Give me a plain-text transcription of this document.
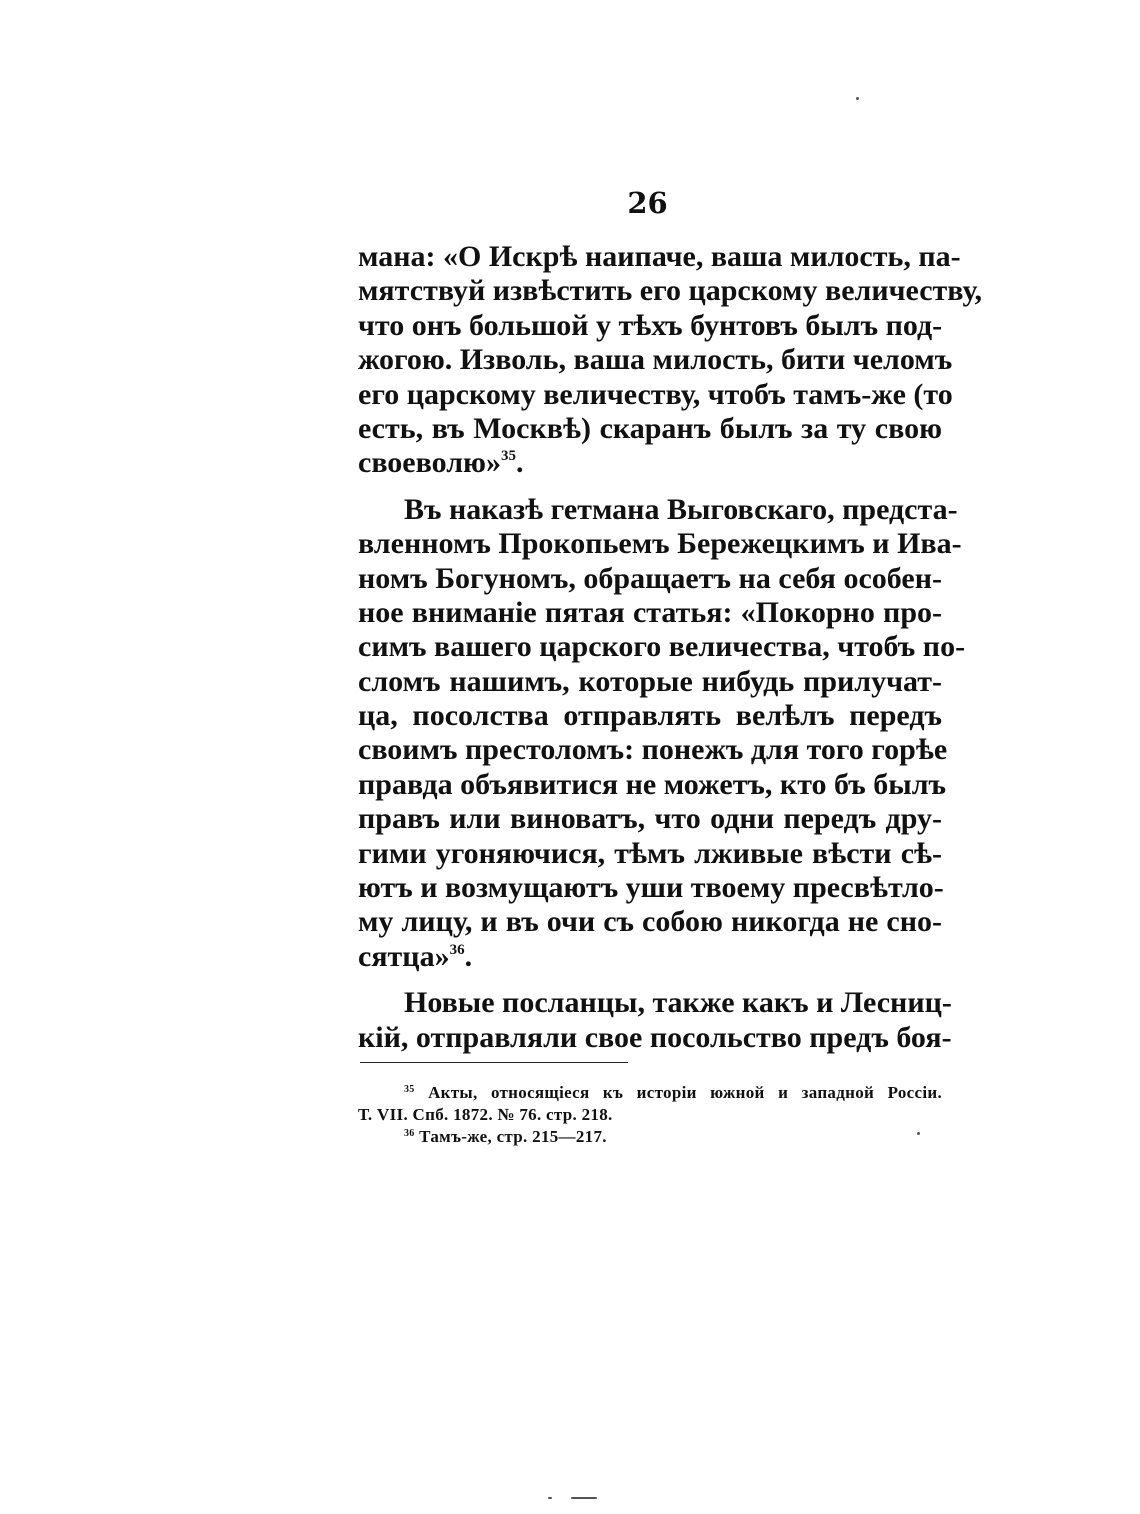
26
мана: «О Искрѣ наипаче, ваша милость, па-
мятствуй извѣстить его царскому величеству,
что онъ большой у тѣхъ бунтовъ былъ под-
жогою. Изволь, ваша милость, бити челомъ
его царскому величеству, чтобъ тамъ-же (то
есть, въ Москвѣ) скаранъ былъ за ту свою
своеволю»$^{35}$.
Въ наказѣ гетмана Выговскаго, предста-
вленномъ Прокопьемъ Бережецкимъ и Ива-
номъ Богуномъ, обращаетъ на себя особен-
ное вниманіе пятая статья: «Покорно про-
симъ вашего царского величества, чтобъ по-
сломъ нашимъ, которые нибудь прилучат-
ца, посолства отправлять велѣлъ передъ
своимъ престоломъ: понежъ для того горѣе
правда объявитися не можетъ, кто бъ былъ
правъ или виноватъ, что одни передъ дру-
гими угоняючися, тѣмъ лживые вѣсти сѣ-
ютъ и возмущаютъ уши твоему пресвѣтло-
му лицу, и въ очи съ собою никогда не сно-
сятца»$^{36}$.
Новые посланцы, также какъ и Лесниц-
кій, отправляли свое посольство предъ боя-
$^{35}$ Акты, относящіеся къ исторіи южной и западной Россіи.
Т. VII. Спб. 1872. № 76. стр. 218.
$^{36}$ Тамъ-же, стр. 215—217.
